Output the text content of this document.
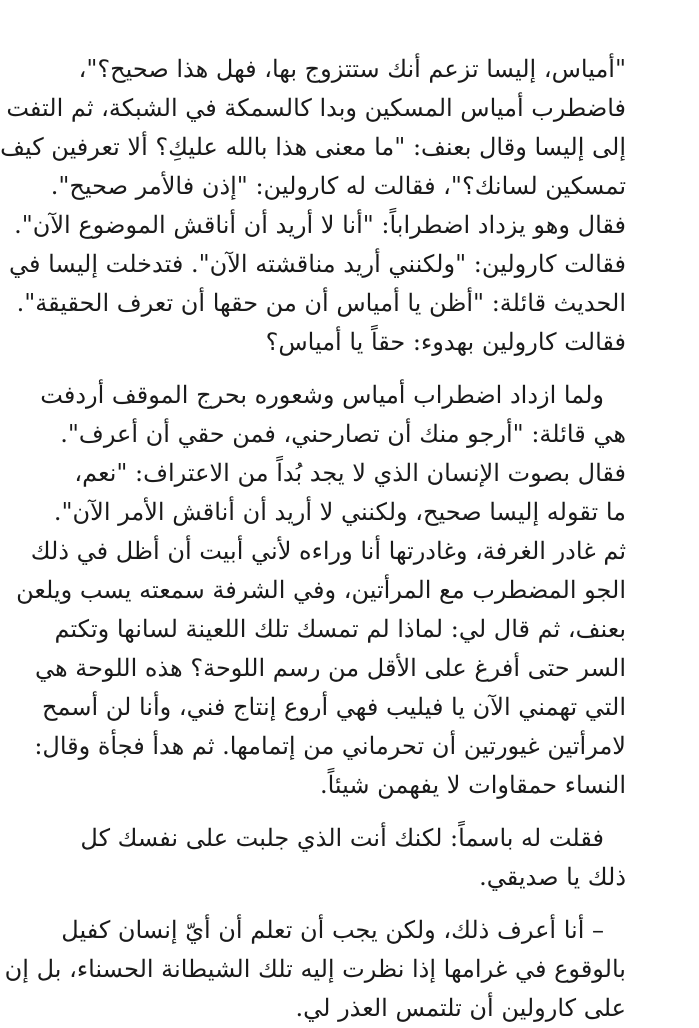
"أمياس، إليسا تزعم أنك ستتزوج بها، فهل هذا صحيح؟"،
فاضطرب أمياس المسكين وبدا كالسمكة في الشبكة، ثم التفت
إلى إليسا وقال بعنف: "ما معنى هذا بالله عليكِ؟ ألا تعرفين كيف
تمسكين لسانك؟"، فقالت له كارولين: "إذن فالأمر صحيح".
فقال وهو يزداد اضطراباً: "أنا لا أريد أن أناقش الموضوع الآن".
فقالت كارولين: "ولكنني أريد مناقشته الآن". فتدخلت إليسا في
الحديث قائلة: "أظن يا أمياس أن من حقها أن تعرف الحقيقة".
فقالت كارولين بهدوء: حقاً يا أمياس؟

ولما ازداد اضطراب أمياس وشعوره بحرج الموقف أردفت
هي قائلة: "أرجو منك أن تصارحني، فمن حقي أن أعرف".
فقال بصوت الإنسان الذي لا يجد بُداً من الاعتراف: "نعم،
ما تقوله إليسا صحيح، ولكنني لا أريد أن أناقش الأمر الآن".
ثم غادر الغرفة، وغادرتها أنا وراءه لأني أبيت أن أظل في ذلك
الجو المضطرب مع المرأتين، وفي الشرفة سمعته يسب ويلعن
بعنف، ثم قال لي: لماذا لم تمسك تلك اللعينة لسانها وتكتم
السر حتى أفرغ على الأقل من رسم اللوحة؟ هذه اللوحة هي
التي تهمني الآن يا فيليب فهي أروع إنتاج فني، وأنا لن أسمح
لامرأتين غيورتين أن تحرماني من إتمامها. ثم هدأ فجأة وقال:
النساء حمقاوات لا يفهمن شيئاً.

فقلت له باسماً: لكنك أنت الذي جلبت على نفسك كل
ذلك يا صديقي.

– أنا أعرف ذلك، ولكن يجب أن تعلم أن أيّ إنسان كفيل
بالوقوع في غرامها إذا نظرت إليه تلك الشيطانة الحسناء، بل إن
على كارولين أن تلتمس العذر لي.
